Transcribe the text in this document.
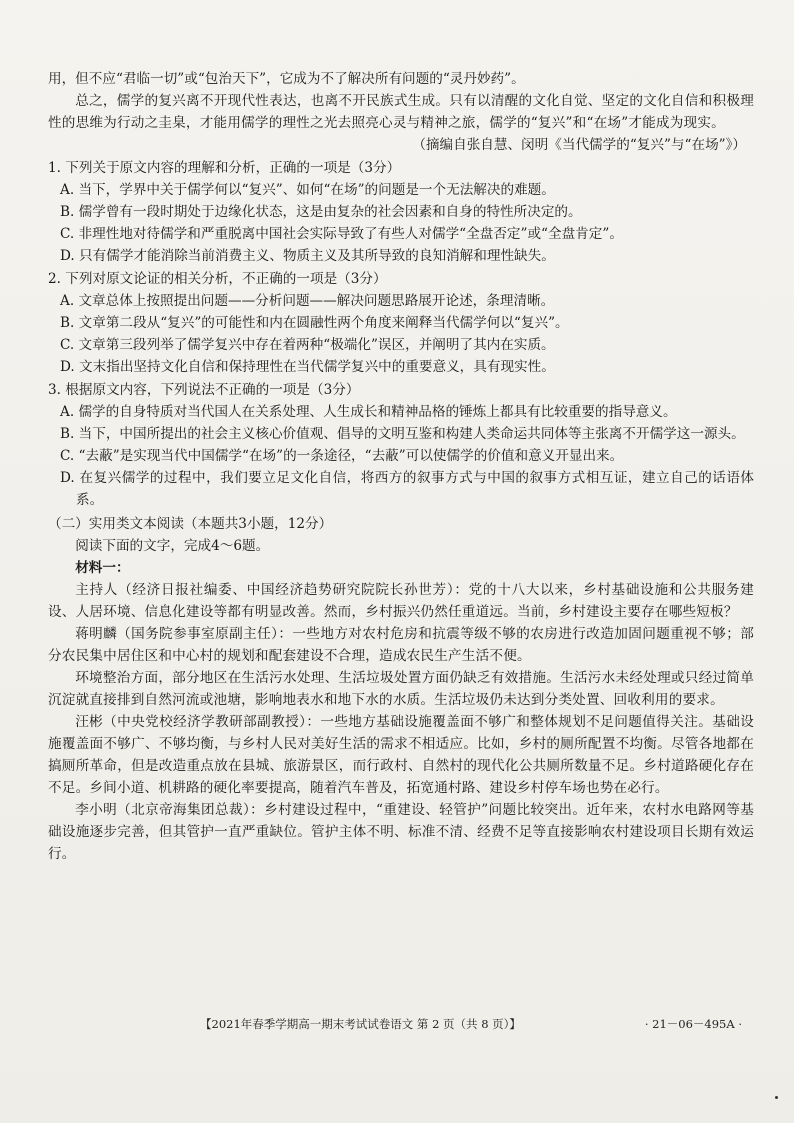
用，但不应“君临一切”或“包治天下”，它成为不了解决所有问题的“灵丹妙药”。

总之，儒学的复兴离不开现代性表达，也离不开民族式生成。只有以清醒的文化自觉、坚定的文化自信和积极理性的思维为行动之圭臬，才能用儒学的理性之光去照亮心灵与精神之旅，儒学的“复兴”和“在场”才能成为现实。

（摘编自张自慧、闵明《当代儒学的“复兴”与“在场”》）

1. 下列关于原文内容的理解和分析，正确的一项是（3分）

A. 当下，学界中关于儒学何以“复兴”、如何“在场”的问题是一个无法解决的难题。

B. 儒学曾有一段时期处于边缘化状态，这是由复杂的社会因素和自身的特性所决定的。

C. 非理性地对待儒学和严重脱离中国社会实际导致了有些人对儒学“全盘否定”或“全盘肯定”。

D. 只有儒学才能消除当前消费主义、物质主义及其所导致的良知消解和理性缺失。

2. 下列对原文论证的相关分析，不正确的一项是（3分）

A. 文章总体上按照提出问题——分析问题——解决问题思路展开论述，条理清晰。

B. 文章第二段从“复兴”的可能性和内在圆融性两个角度来阐释当代儒学何以“复兴”。

C. 文章第三段列举了儒学复兴中存在着两种“极端化”误区，并阐明了其内在实质。

D. 文末指出坚持文化自信和保持理性在当代儒学复兴中的重要意义，具有现实性。

3. 根据原文内容，下列说法不正确的一项是（3分）

A. 儒学的自身特质对当代国人在关系处理、人生成长和精神品格的锤炼上都具有比较重要的指导意义。

B. 当下，中国所提出的社会主义核心价值观、倡导的文明互鉴和构建人类命运共同体等主张离不开儒学这一源头。

C. “去蔽”是实现当代中国儒学“在场”的一条途径，“去蔽”可以使儒学的价值和意义开显出来。

D. 在复兴儒学的过程中，我们要立足文化自信，将西方的叙事方式与中国的叙事方式相互证，建立自己的话语体系。

（二）实用类文本阅读（本题共3小题，12分）

阅读下面的文字，完成4～6题。

材料一：

主持人（经济日报社编委、中国经济趋势研究院院长孙世芳）：党的十八大以来，乡村基础设施和公共服务建设、人居环境、信息化建设等都有明显改善。然而，乡村振兴仍然任重道远。当前，乡村建设主要存在哪些短板？

蒋明麟（国务院参事室原副主任）：一些地方对农村危房和抗震等级不够的农房进行改造加固问题重视不够；部分农民集中居住区和中心村的规划和配套建设不合理，造成农民生产生活不便。

环境整治方面，部分地区在生活污水处理、生活垃圾处置方面仍缺乏有效措施。生活污水未经处理或只经过简单沉淀就直接排到自然河流或池塘，影响地表水和地下水的水质。生活垃圾仍未达到分类处置、回收利用的要求。

汪彬（中央党校经济学教研部副教授）：一些地方基础设施覆盖面不够广和整体规划不足问题值得关注。基础设施覆盖面不够广、不够均衡，与乡村人民对美好生活的需求不相适应。比如，乡村的厕所配置不均衡。尽管各地都在搞厕所革命，但是改造重点放在县城、旅游景区，而行政村、自然村的现代化公共厕所数量不足。乡村道路硬化存在不足。乡间小道、机耕路的硬化率要提高，随着汽车普及，拓宽通村路、建设乡村停车场也势在必行。

李小明（北京帝海集团总裁）：乡村建设过程中，“重建设、轻管护”问题比较突出。近年来，农村水电路网等基础设施逐步完善，但其管护一直严重缺位。管护主体不明、标准不清、经费不足等直接影响农村建设项目长期有效运行。

【2021年春季学期高一期末考试试卷语文 第 2 页（共 8 页）】	· 21－06－495A ·
